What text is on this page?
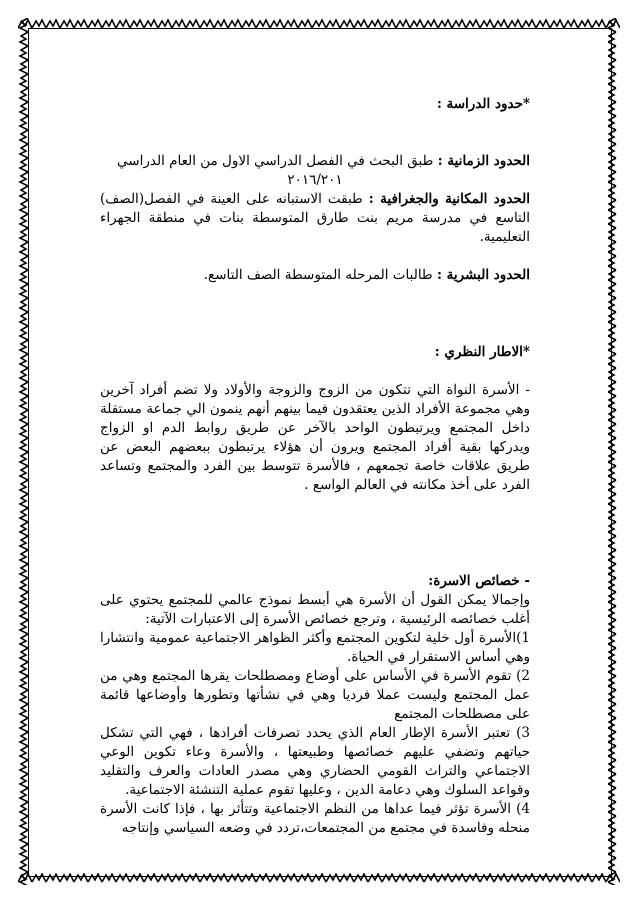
*حدود الدراسة :

الحدود الزمانية : طبق البحث في الفصل الدراسي الاول من العام الدراسي
٢٠١٦/٢٠١

الحدود المكانية والجغرافية : طبقت الاستبانه على العينة في الفصل(الصف) التاسع في مدرسة مريم بنت طارق المتوسطة بنات في منطقة الجهراء التعليمية.

الحدود البشرية : طالبات المرحله المتوسطة الصف التاسع.

*الاطار النظري :

- الأسرة النواة التي تتكون من الزوج والزوجة والأولاد ولا تضم أفراد آخرين وهي مجموعة الأفراد الذين يعتقدون فيما بينهم أنهم ينمون الي جماعة مستقلة داخل المجتمع ويرتبطون الواحد بالآخر عن طريق روابط الدم او الزواج ويدركها بقية أفراد المجتمع ويرون أن هؤلاء يرتبطون ببعضهم البعض عن طريق علاقات خاصة تجمعهم ، فالأسرة تتوسط بين الفرد والمجتمع وتساعد الفرد على أخذ مكانته في العالم الواسع .

- خصائص الاسرة:

وإجمالا يمكن القول أن الأسرة هي أبسط نموذج عالمي للمجتمع يحتوي على أغلب خصائصه الرئيسية ، وترجع خصائص الأسرة إلى الاعتبارات الآتية:

1)الأسرة أول خلية لتكوين المجتمع وأكثر الظواهر الاجتماعية عمومية وانتشارا وهي أساس الاستقرار في الحياة.

2) تقوم الأسرة في الأساس على أوضاع ومصطلحات يقرها المجتمع وهي من عمل المجتمع وليست عملا فرديا وهي في نشأتها وتطورها وأوضاعها قائمة على مصطلحات المجتمع

3) تعتبر الأسرة الإطار العام الذي يحدد تصرفات أفرادها ، فهي التي تشكل حياتهم وتضفي عليهم خصائصها وطبيعتها ، والأسرة وعاء تكوين الوعي الاجتماعي والتراث القومي الحضاري وهي مصدر العادات والعرف والتقليد وقواعد السلوك وهي دعامة الدين ، وعليها تقوم عملية التنشئة الاجتماعية.

4) الأسرة تؤثر فيما عداها من النظم الاجتماعية وتتأثر بها ، فإذا كانت الأسرة منحله وفاسدة في مجتمع من المجتمعات،تردد في وضعه السياسي وإنتاجه
